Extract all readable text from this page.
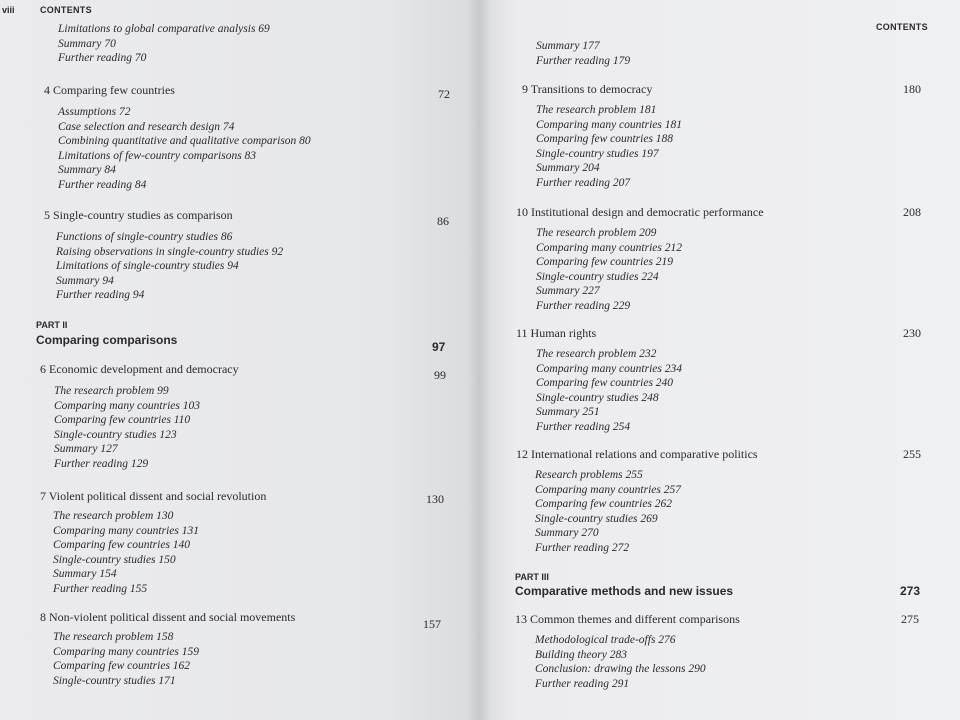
viii	CONTENTS
Limitations to global comparative analysis 69
Summary 70
Further reading 70
4 Comparing few countries	72
Assumptions 72
Case selection and research design 74
Combining quantitative and qualitative comparison 80
Limitations of few-country comparisons 83
Summary 84
Further reading 84
5 Single-country studies as comparison	86
Functions of single-country studies 86
Raising observations in single-country studies 92
Limitations of single-country studies 94
Summary 94
Further reading 94
PART II
Comparing comparisons	97
6 Economic development and democracy	99
The research problem 99
Comparing many countries 103
Comparing few countries 110
Single-country studies 123
Summary 127
Further reading 129
7 Violent political dissent and social revolution	130
The research problem 130
Comparing many countries 131
Comparing few countries 140
Single-country studies 150
Summary 154
Further reading 155
8 Non-violent political dissent and social movements	157
The research problem 158
Comparing many countries 159
Comparing few countries 162
Single-country studies 171
CONTENTS
Summary 177
Further reading 179
9 Transitions to democracy	180
The research problem 181
Comparing many countries 181
Comparing few countries 188
Single-country studies 197
Summary 204
Further reading 207
10 Institutional design and democratic performance	208
The research problem 209
Comparing many countries 212
Comparing few countries 219
Single-country studies 224
Summary 227
Further reading 229
11 Human rights	230
The research problem 232
Comparing many countries 234
Comparing few countries 240
Single-country studies 248
Summary 251
Further reading 254
12 International relations and comparative politics	255
Research problems 255
Comparing many countries 257
Comparing few countries 262
Single-country studies 269
Summary 270
Further reading 272
PART III
Comparative methods and new issues	273
13 Common themes and different comparisons	275
Methodological trade-offs 276
Building theory 283
Conclusion: drawing the lessons 290
Further reading 291
